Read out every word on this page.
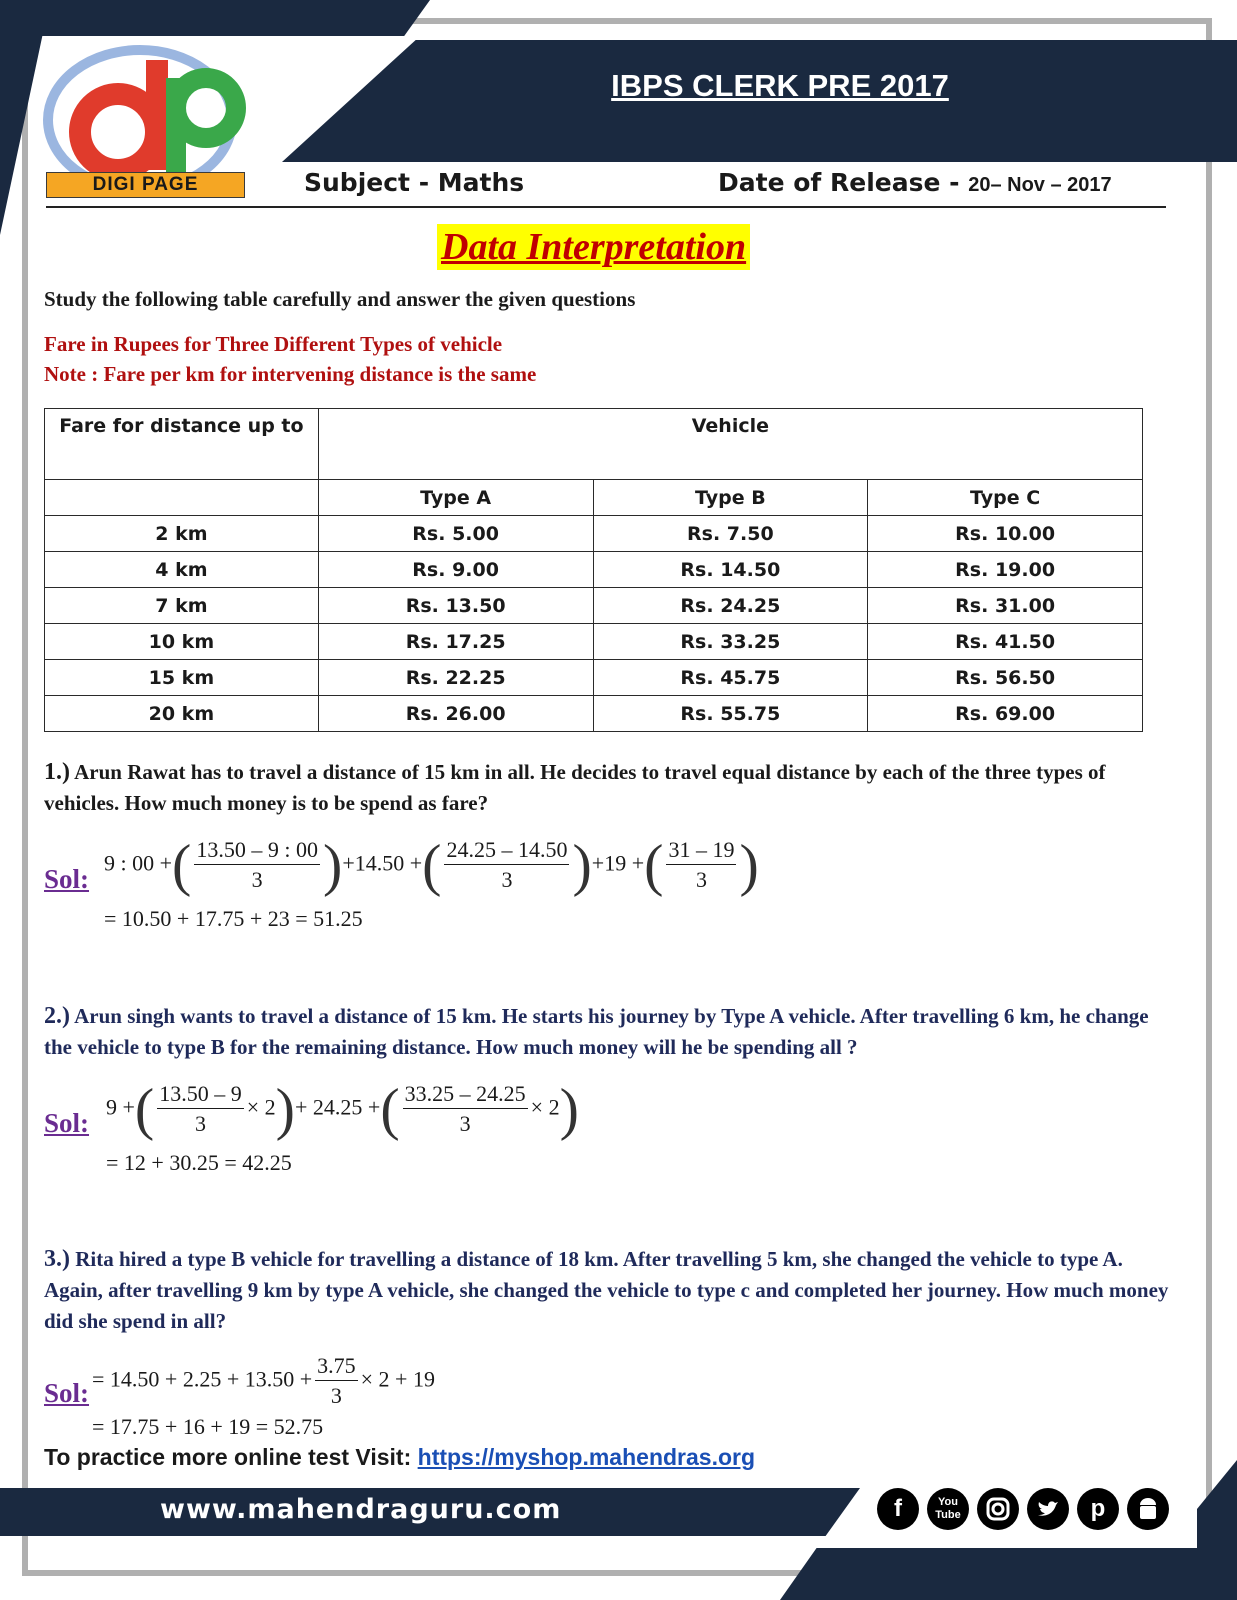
IBPS CLERK PRE 2017
DIGI PAGE	Subject - Maths	Date of Release - 20– Nov – 2017
Data Interpretation
Study the following table carefully and answer the given questions
Fare in Rupees for Three Different Types of vehicle
Note : Fare per km for intervening distance is the same
Fare for distance up to	Vehicle		
	Type A	Type B	Type C
2 km	Rs. 5.00	Rs. 7.50	Rs. 10.00
4 km	Rs. 9.00	Rs. 14.50	Rs. 19.00
7 km	Rs. 13.50	Rs. 24.25	Rs. 31.00
10 km	Rs. 17.25	Rs. 33.25	Rs. 41.50
15 km	Rs. 22.25	Rs. 45.75	Rs. 56.50
20 km	Rs. 26.00	Rs. 55.75	Rs. 69.00
1.) Arun Rawat has to travel a distance of 15 km in all. He decides to travel equal distance by each of the three types of vehicles. How much money is to be spend as fare?
Sol:
9 : 00 +( $\frac{13.50 - 9 : 00}{3} )+14.50$ +( $\frac{24.25 - 14.50}{3} )+19$ +( $\frac{31 - 19}{3}$ )
= 10.50 + 17.75 + 23 = 51.25
2.) Arun singh wants to travel a distance of 15 km. He starts his journey by Type A vehicle. After travelling 6 km, he change the vehicle to type B for the remaining distance. How much money will he be spending all ?
Sol:
9 +( $\frac{13.50 - 9}{3} \times 2)+ 24.25$ +( $\frac{33.25 - 24.25}{3} \times 2$)
= 12 + 30.25 = 42.25
3.) Rita hired a type B vehicle for travelling a distance of 18 km. After travelling 5 km, she changed the vehicle to type A. Again, after travelling 9 km by type A vehicle, she changed the vehicle to type c and completed her journey. How much money did she spend in all?
Sol: = $14.50 + 2.25 + 13.50 + \frac{3.75}{3} \times 2 + 19$
= 17.75 + 16 + 19 = 52.75
To practice more online test Visit: https://myshop.mahendras.org
www.mahendraguru.com	f	You
Tube	p
